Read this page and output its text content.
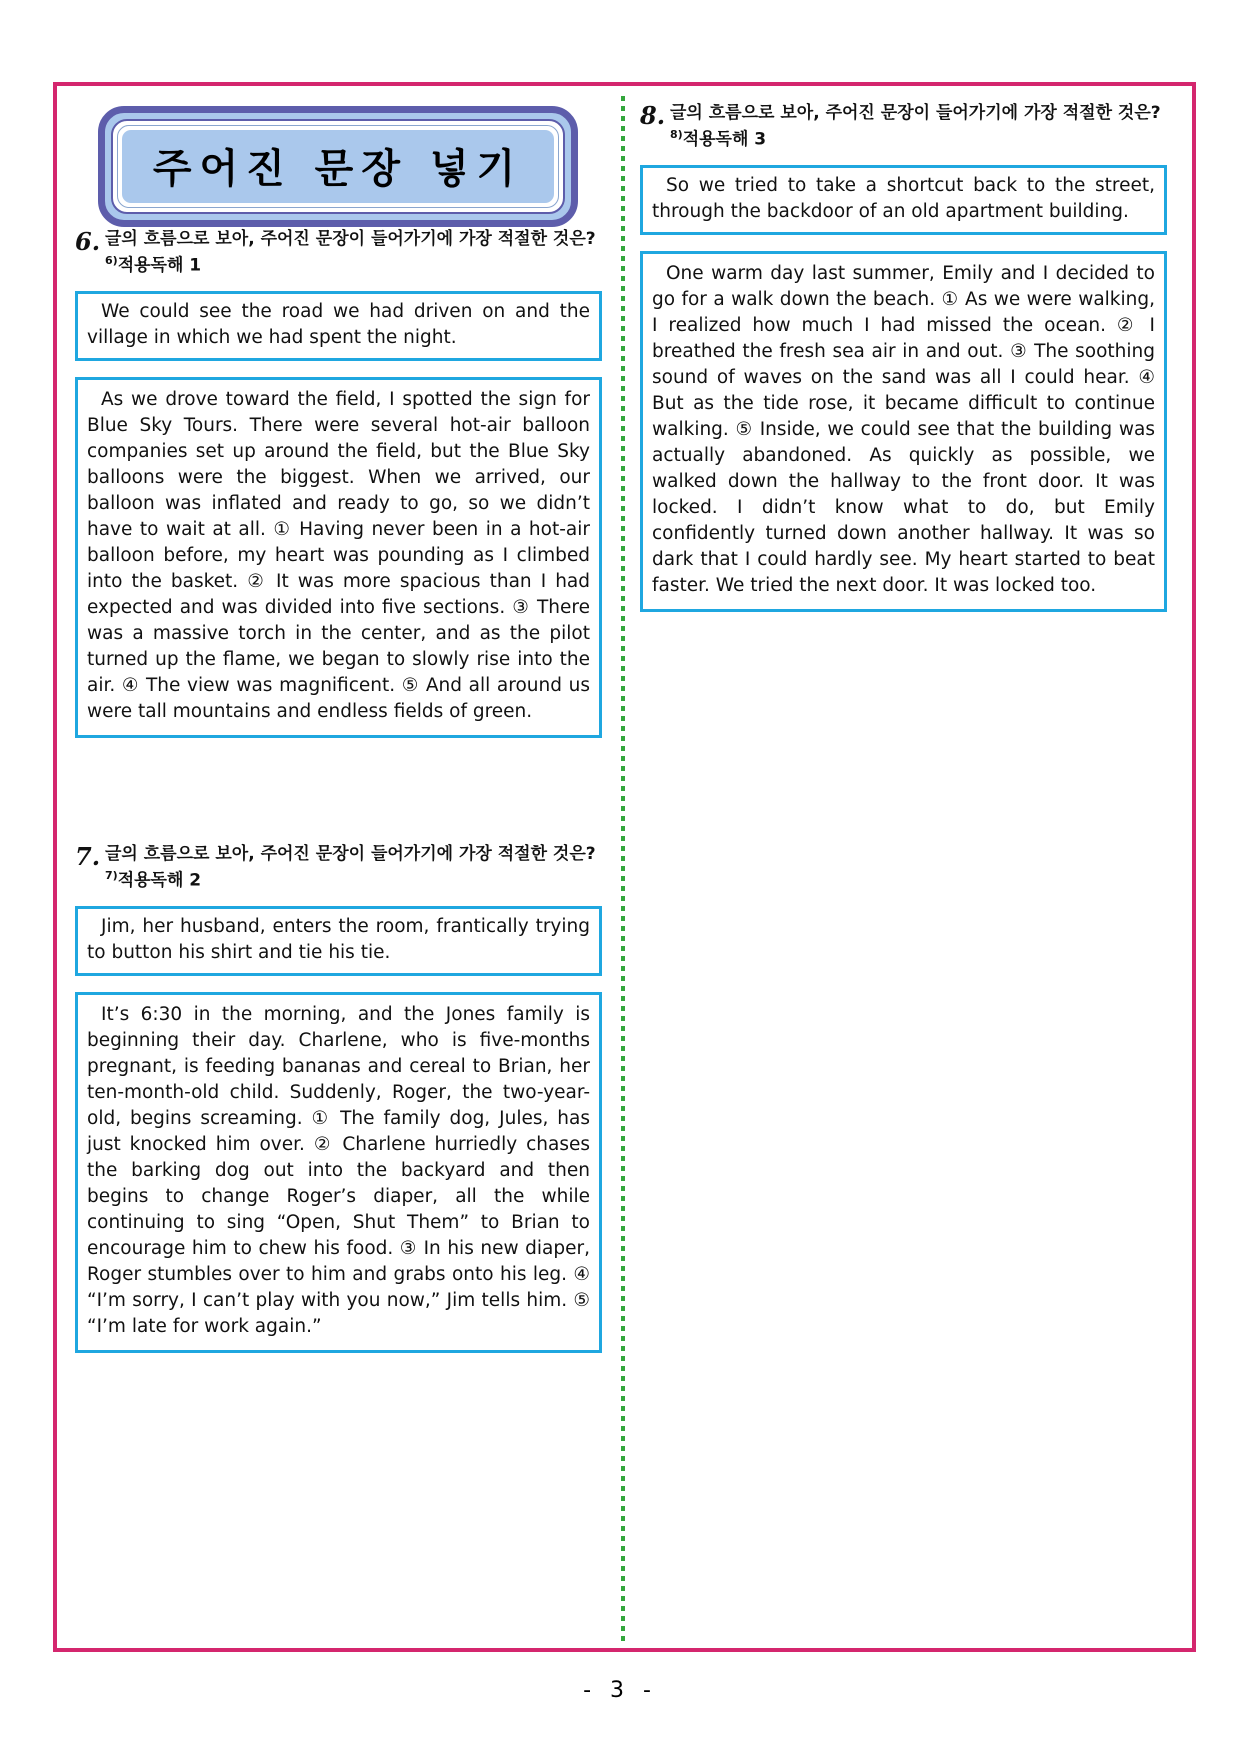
주어진 문장 넣기
6. 글의 흐름으로 보아, 주어진 문장이 들어가기에 가장 적절한 것은?$^{6)}$적용독해 1
We could see the road we had driven on and the village in which we had spent the night.
As we drove toward the field, I spotted the sign for Blue Sky Tours. There were several hot-air balloon companies set up around the field, but the Blue Sky balloons were the biggest. When we arrived, our balloon was inflated and ready to go, so we didn’t have to wait at all. ① Having never been in a hot-air balloon before, my heart was pounding as I climbed into the basket. ② It was more spacious than I had expected and was divided into five sections. ③ There was a massive torch in the center, and as the pilot turned up the flame, we began to slowly rise into the air. ④ The view was magnificent. ⑤ And all around us were tall mountains and endless fields of green.
7. 글의 흐름으로 보아, 주어진 문장이 들어가기에 가장 적절한 것은?$^{7)}$적용독해 2
Jim, her husband, enters the room, frantically trying to button his shirt and tie his tie.
It’s 6:30 in the morning, and the Jones family is beginning their day. Charlene, who is five-months pregnant, is feeding bananas and cereal to Brian, her ten-month-old child. Suddenly, Roger, the two-year-old, begins screaming. ① The family dog, Jules, has just knocked him over. ② Charlene hurriedly chases the barking dog out into the backyard and then begins to change Roger’s diaper, all the while continuing to sing “Open, Shut Them” to Brian to encourage him to chew his food. ③ In his new diaper, Roger stumbles over to him and grabs onto his leg. ④ “I’m sorry, I can’t play with you now,” Jim tells him. ⑤ “I’m late for work again.”
8. 글의 흐름으로 보아, 주어진 문장이 들어가기에 가장 적절한 것은?$^{8)}$적용독해 3
So we tried to take a shortcut back to the street, through the backdoor of an old apartment building.
One warm day last summer, Emily and I decided to go for a walk down the beach. ① As we were walking, I realized how much I had missed the ocean. ② I breathed the fresh sea air in and out. ③ The soothing sound of waves on the sand was all I could hear. ④ But as the tide rose, it became difficult to continue walking. ⑤ Inside, we could see that the building was actually abandoned. As quickly as possible, we walked down the hallway to the front door. It was locked. I didn’t know what to do, but Emily confidently turned down another hallway. It was so dark that I could hardly see. My heart started to beat faster. We tried the next door. It was locked too.
- 3 -
